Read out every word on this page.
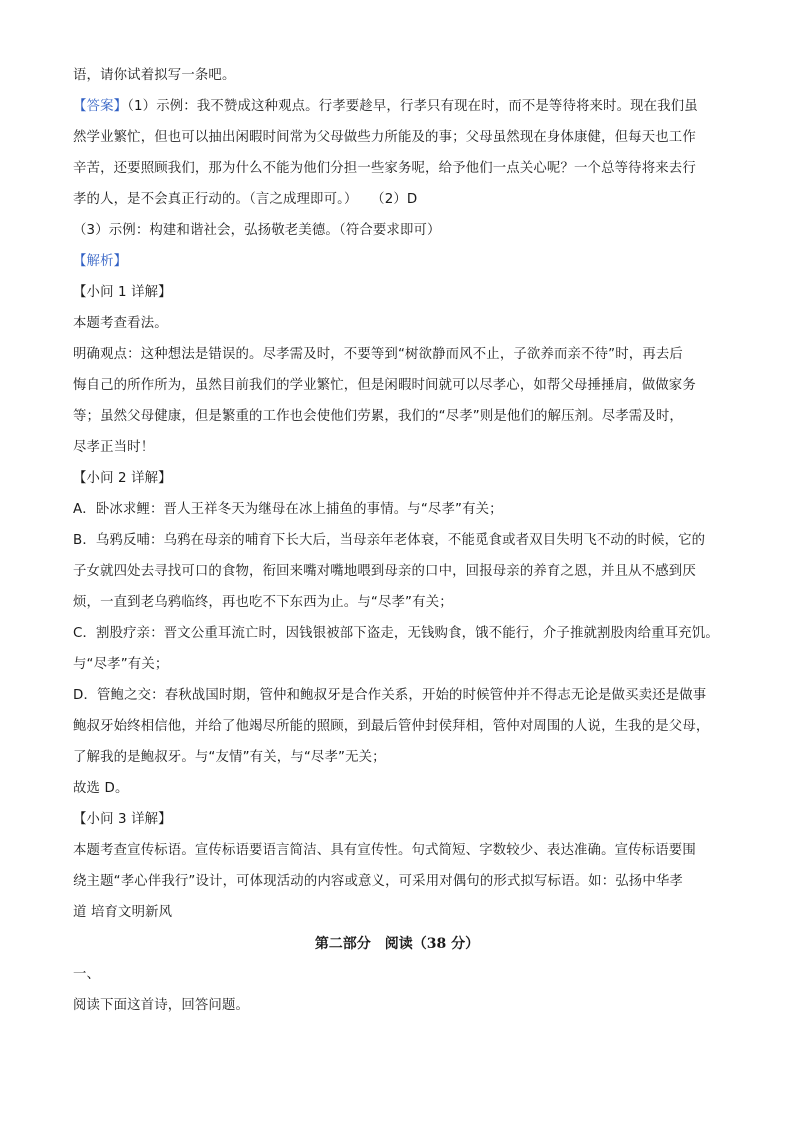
语，请你试着拟写一条吧。
【答案】（1）示例：我不赞成这种观点。行孝要趁早，行孝只有现在时，而不是等待将来时。现在我们虽
然学业繁忙，但也可以抽出闲暇时间常为父母做些力所能及的事；父母虽然现在身体康健，但每天也工作
辛苦，还要照顾我们，那为什么不能为他们分担一些家务呢，给予他们一点关心呢？一个总等待将来去行
孝的人，是不会真正行动的。（言之成理即可。）　　（2）D
（3）示例：构建和谐社会，弘扬敬老美德。（符合要求即可）
【解析】
【小问 1 详解】
本题考查看法。
明确观点：这种想法是错误的。尽孝需及时，不要等到“树欲静而风不止，子欲养而亲不待”时，再去后
悔自己的所作所为，虽然目前我们的学业繁忙，但是闲暇时间就可以尽孝心，如帮父母捶捶肩，做做家务
等；虽然父母健康，但是繁重的工作也会使他们劳累，我们的“尽孝”则是他们的解压剂。尽孝需及时，
尽孝正当时！
【小问 2 详解】
A．卧冰求鲤：晋人王祥冬天为继母在冰上捕鱼的事情。与“尽孝”有关；
B．乌鸦反哺：乌鸦在母亲的哺育下长大后，当母亲年老体衰，不能觅食或者双目失明飞不动的时候，它的
子女就四处去寻找可口的食物，衔回来嘴对嘴地喂到母亲的口中，回报母亲的养育之恩，并且从不感到厌
烦，一直到老乌鸦临终，再也吃不下东西为止。与“尽孝”有关；
C．割股疗亲：晋文公重耳流亡时，因钱银被部下盗走，无钱购食，饿不能行，介子推就割股肉给重耳充饥。
与“尽孝”有关；
D．管鲍之交：春秋战国时期，管仲和鲍叔牙是合作关系，开始的时候管仲并不得志无论是做买卖还是做事
鲍叔牙始终相信他，并给了他竭尽所能的照顾，到最后管仲封侯拜相，管仲对周围的人说，生我的是父母，
了解我的是鲍叔牙。与“友情”有关，与“尽孝”无关；
故选 D。
【小问 3 详解】
本题考查宣传标语。宣传标语要语言简洁、具有宣传性。句式简短、字数较少、表达准确。宣传标语要围
绕主题“孝心伴我行”设计，可体现活动的内容或意义，可采用对偶句的形式拟写标语。如：弘扬中华孝
道 培育文明新风
第二部分　阅读（38 分）
一、
阅读下面这首诗，回答问题。
